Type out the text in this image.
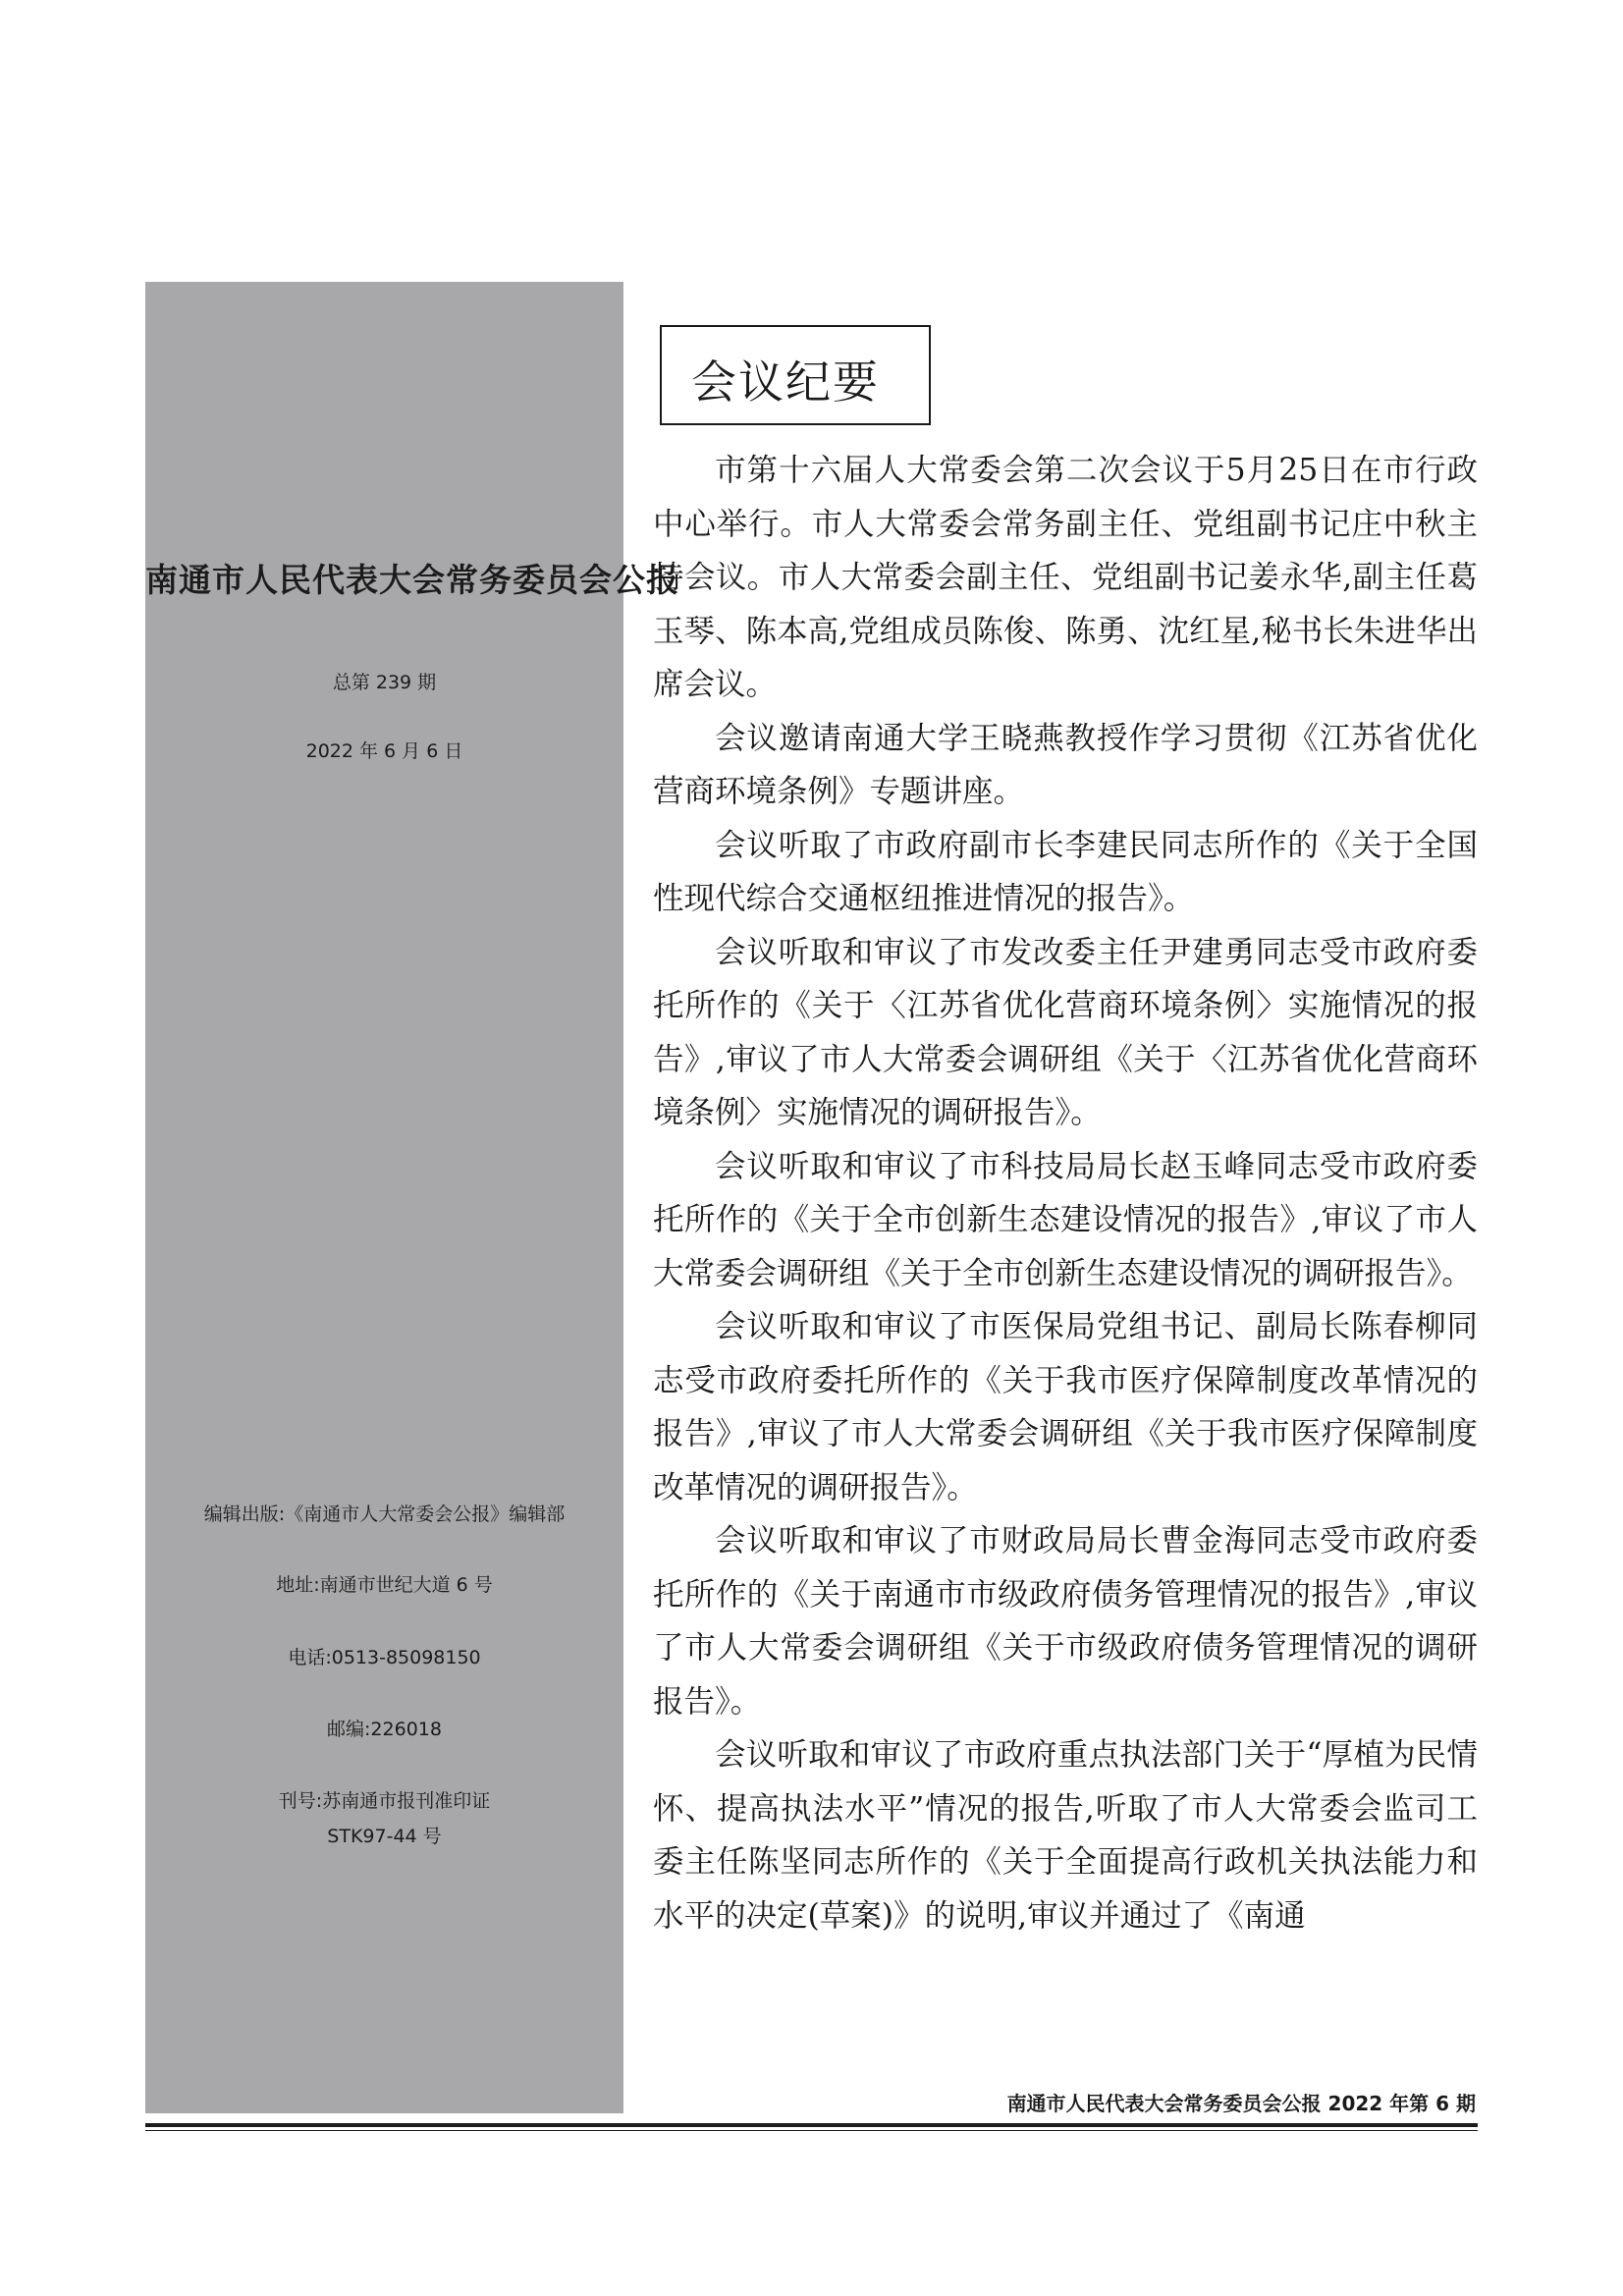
南通市人民代表大会常务委员会公报
总第 239 期
2022 年 6 月 6 日
编辑出版:《南通市人大常委会公报》编辑部
地址:南通市世纪大道 6 号
电话:0513-85098150
邮编:226018
刊号:苏南通市报刊准印证
STK97-44 号
会议纪要

市第十六届人大常委会第二次会议于5月25日在市行政中心举行。市人大常委会常务副主任、党组副书记庄中秋主持会议。市人大常委会副主任、党组副书记姜永华,副主任葛玉琴、陈本高,党组成员陈俊、陈勇、沈红星,秘书长朱进华出席会议。

会议邀请南通大学王晓燕教授作学习贯彻《江苏省优化营商环境条例》专题讲座。

会议听取了市政府副市长李建民同志所作的《关于全国性现代综合交通枢纽推进情况的报告》。

会议听取和审议了市发改委主任尹建勇同志受市政府委托所作的《关于〈江苏省优化营商环境条例〉实施情况的报告》,审议了市人大常委会调研组《关于〈江苏省优化营商环境条例〉实施情况的调研报告》。

会议听取和审议了市科技局局长赵玉峰同志受市政府委托所作的《关于全市创新生态建设情况的报告》,审议了市人大常委会调研组《关于全市创新生态建设情况的调研报告》。

会议听取和审议了市医保局党组书记、副局长陈春柳同志受市政府委托所作的《关于我市医疗保障制度改革情况的报告》,审议了市人大常委会调研组《关于我市医疗保障制度改革情况的调研报告》。

会议听取和审议了市财政局局长曹金海同志受市政府委托所作的《关于南通市市级政府债务管理情况的报告》,审议了市人大常委会调研组《关于市级政府债务管理情况的调研报告》。

会议听取和审议了市政府重点执法部门关于“厚植为民情怀、提高执法水平”情况的报告,听取了市人大常委会监司工委主任陈坚同志所作的《关于全面提高行政机关执法能力和水平的决定(草案)》的说明,审议并通过了《南通

南通市人民代表大会常务委员会公报 2022 年第 6 期
